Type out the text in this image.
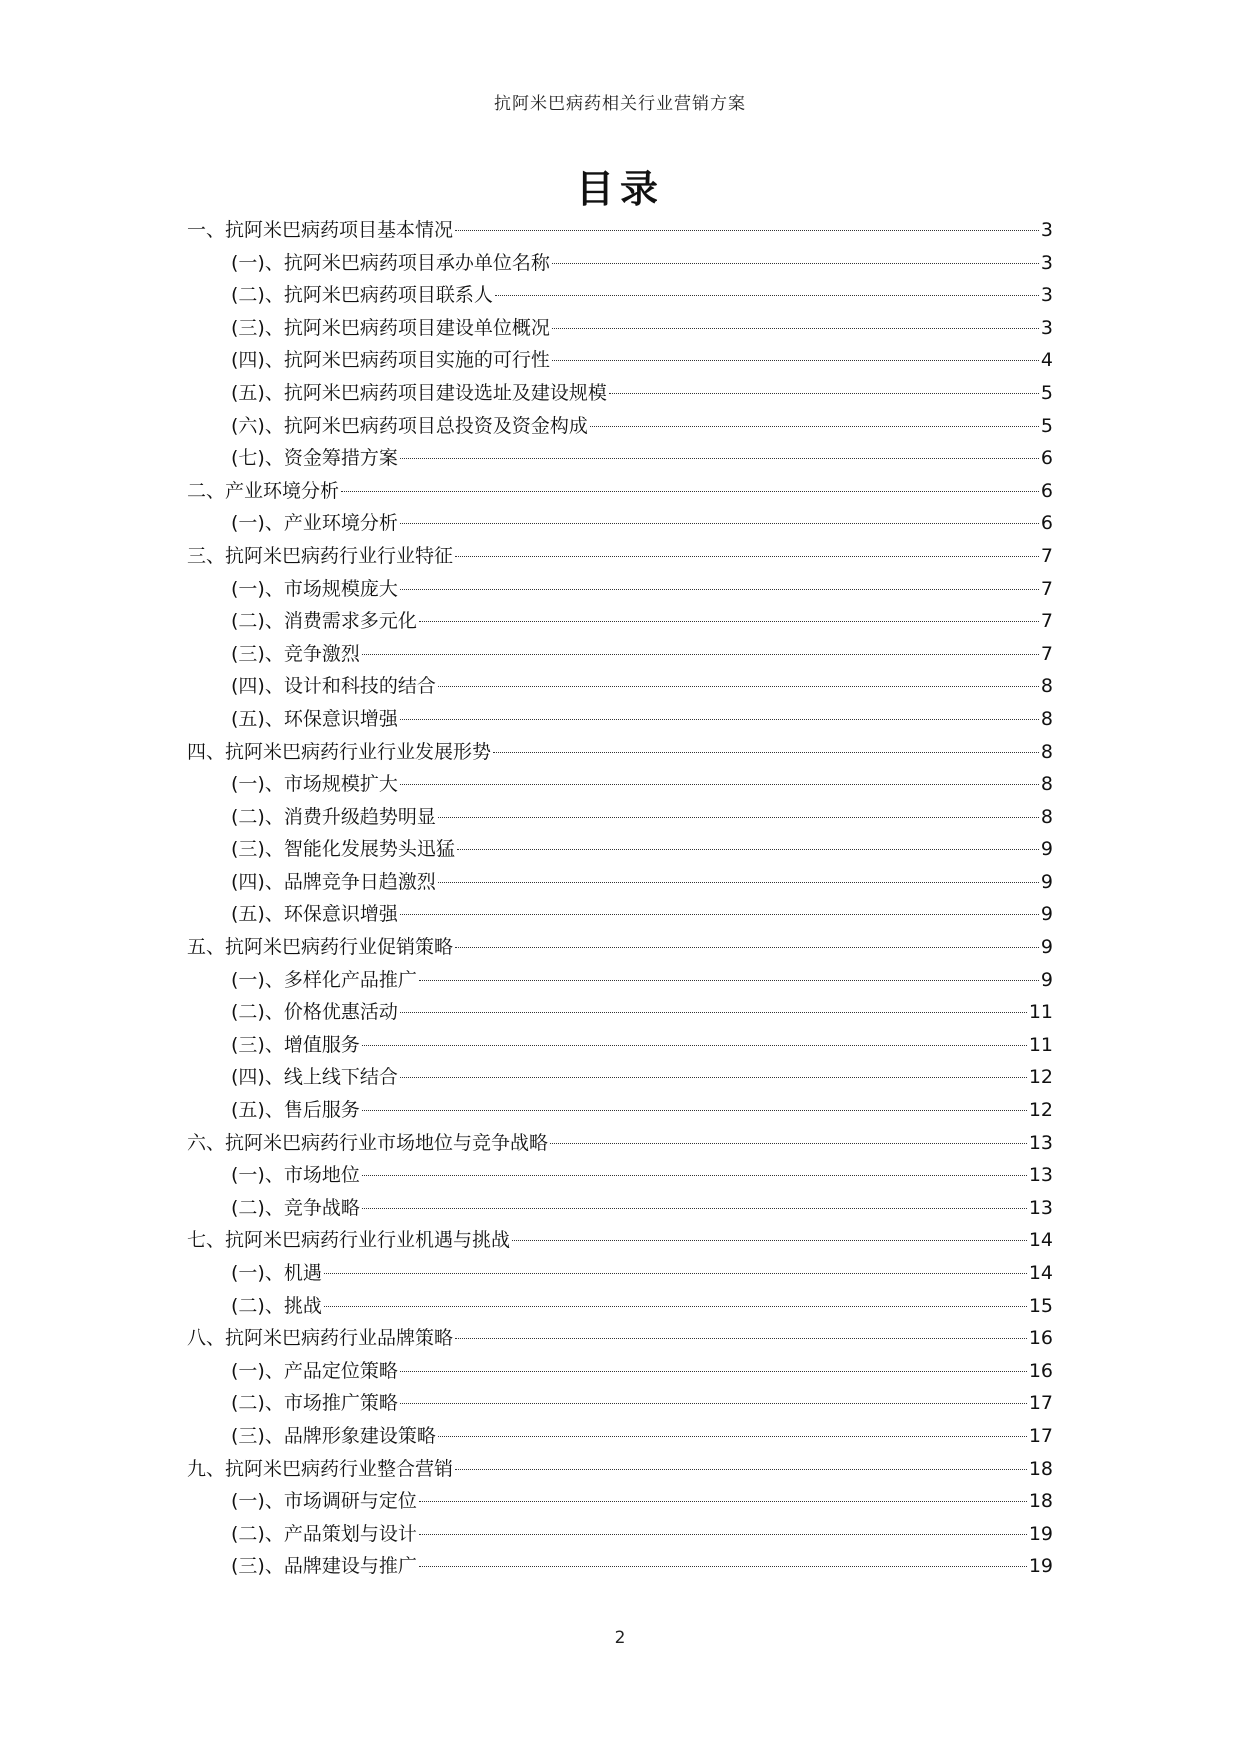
抗阿米巴病药相关行业营销方案
目录
一、抗阿米巴病药项目基本情况	3
(一)、抗阿米巴病药项目承办单位名称	3
(二)、抗阿米巴病药项目联系人	3
(三)、抗阿米巴病药项目建设单位概况	3
(四)、抗阿米巴病药项目实施的可行性	4
(五)、抗阿米巴病药项目建设选址及建设规模	5
(六)、抗阿米巴病药项目总投资及资金构成	5
(七)、资金筹措方案	6
二、产业环境分析	6
(一)、产业环境分析	6
三、抗阿米巴病药行业行业特征	7
(一)、市场规模庞大	7
(二)、消费需求多元化	7
(三)、竞争激烈	7
(四)、设计和科技的结合	8
(五)、环保意识增强	8
四、抗阿米巴病药行业行业发展形势	8
(一)、市场规模扩大	8
(二)、消费升级趋势明显	8
(三)、智能化发展势头迅猛	9
(四)、品牌竞争日趋激烈	9
(五)、环保意识增强	9
五、抗阿米巴病药行业促销策略	9
(一)、多样化产品推广	9
(二)、价格优惠活动	11
(三)、增值服务	11
(四)、线上线下结合	12
(五)、售后服务	12
六、抗阿米巴病药行业市场地位与竞争战略	13
(一)、市场地位	13
(二)、竞争战略	13
七、抗阿米巴病药行业行业机遇与挑战	14
(一)、机遇	14
(二)、挑战	15
八、抗阿米巴病药行业品牌策略	16
(一)、产品定位策略	16
(二)、市场推广策略	17
(三)、品牌形象建设策略	17
九、抗阿米巴病药行业整合营销	18
(一)、市场调研与定位	18
(二)、产品策划与设计	19
(三)、品牌建设与推广	19
2
